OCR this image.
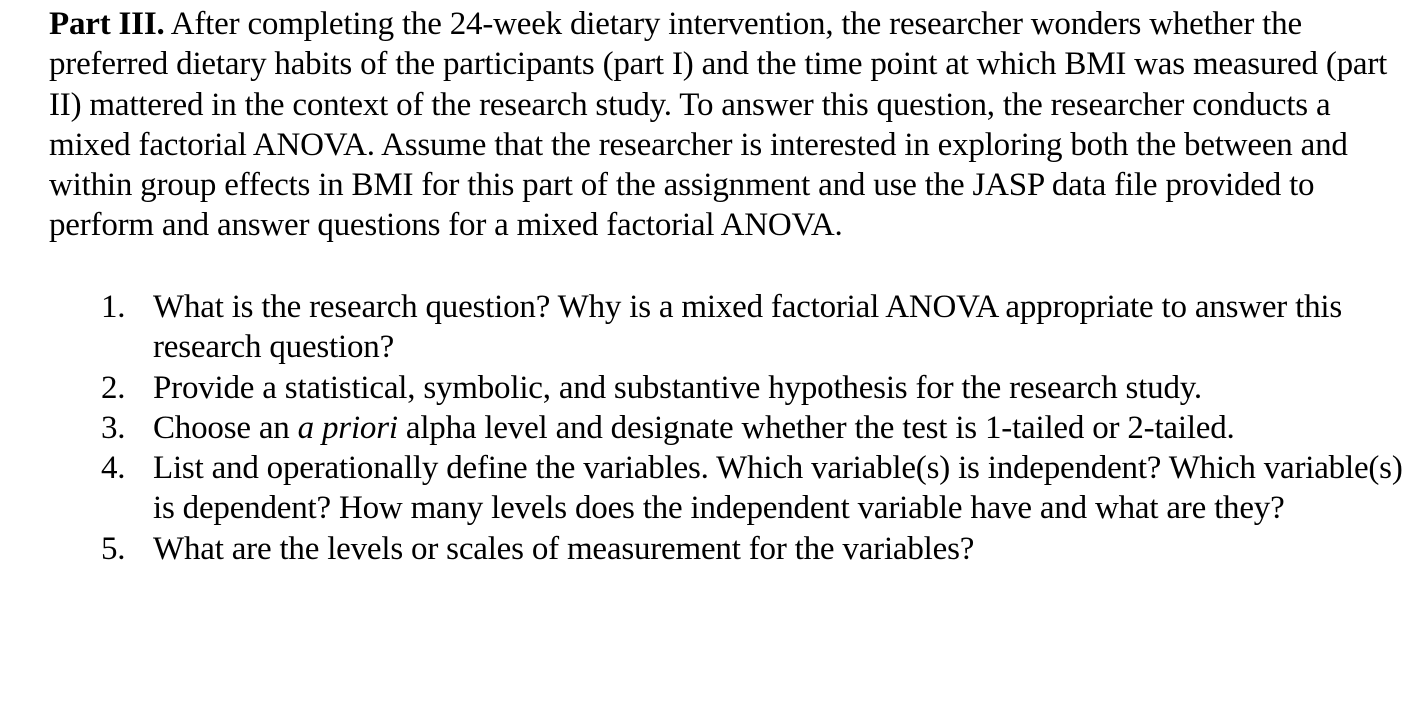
Part III. After completing the 24-week dietary intervention, the researcher wonders whether the preferred dietary habits of the participants (part I) and the time point at which BMI was measured (part II) mattered in the context of the research study. To answer this question, the researcher conducts a mixed factorial ANOVA. Assume that the researcher is interested in exploring both the between and within group effects in BMI for this part of the assignment and use the JASP data file provided to perform and answer questions for a mixed factorial ANOVA.

1. What is the research question? Why is a mixed factorial ANOVA appropriate to answer this research question?
2. Provide a statistical, symbolic, and substantive hypothesis for the research study.
3. Choose an a priori alpha level and designate whether the test is 1-tailed or 2-tailed.
4. List and operationally define the variables. Which variable(s) is independent? Which variable(s) is dependent? How many levels does the independent variable have and what are they?
5. What are the levels or scales of measurement for the variables?
